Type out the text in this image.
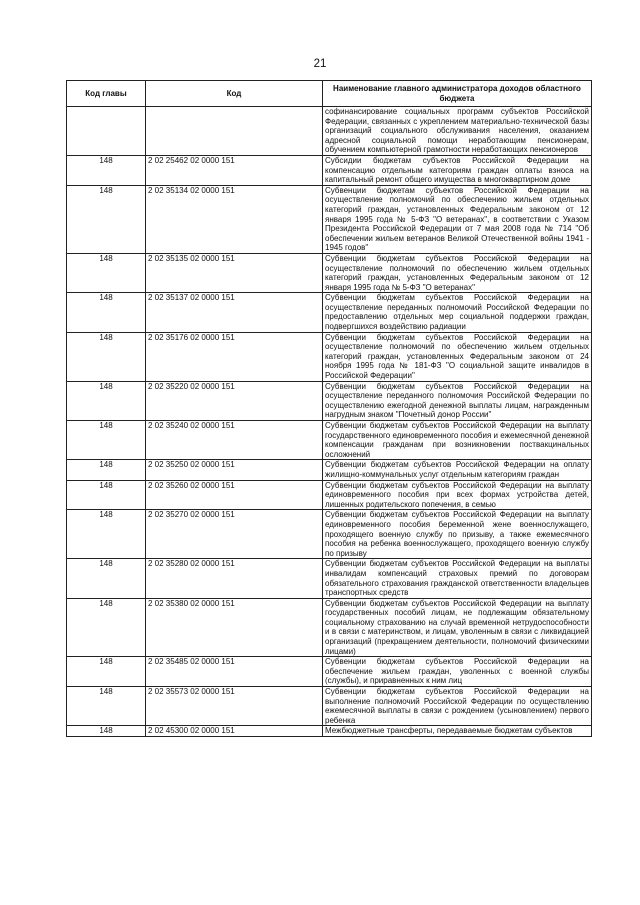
21
Код главы	Код	Наименование главного администратора доходов областного бюджета
		софинансирование социальных программ субъектов Российской Федерации, связанных с укреплением материально-технической базы организаций социального обслуживания населения, оказанием адресной социальной помощи неработающим пенсионерам, обучением компьютерной грамотности неработающих пенсионеров
148	2 02 25462 02 0000 151	Субсидии бюджетам субъектов Российской Федерации на компенсацию отдельным категориям граждан оплаты взноса на капитальный ремонт общего имущества в многоквартирном доме
148	2 02 35134 02 0000 151	Субвенции бюджетам субъектов Российской Федерации на осуществление полномочий по обеспечению жильем отдельных категорий граждан, установленных Федеральным законом от 12 января 1995 года № 5-ФЗ "О ветеранах", в соответствии с Указом Президента Российской Федерации от 7 мая 2008 года № 714 "Об обеспечении жильем ветеранов Великой Отечественной войны 1941 - 1945 годов"
148	2 02 35135 02 0000 151	Субвенции бюджетам субъектов Российской Федерации на осуществление полномочий по обеспечению жильем отдельных категорий граждан, установленных Федеральным законом от 12 января 1995 года № 5-ФЗ "О ветеранах"
148	2 02 35137 02 0000 151	Субвенции бюджетам субъектов Российской Федерации на осуществление переданных полномочий Российской Федерации по предоставлению отдельных мер социальной поддержки граждан, подвергшихся воздействию радиации
148	2 02 35176 02 0000 151	Субвенции бюджетам субъектов Российской Федерации на осуществление полномочий по обеспечению жильем отдельных категорий граждан, установленных Федеральным законом от 24 ноября 1995 года № 181-ФЗ "О социальной защите инвалидов в Российской Федерации"
148	2 02 35220 02 0000 151	Субвенции бюджетам субъектов Российской Федерации на осуществление переданного полномочия Российской Федерации по осуществлению ежегодной денежной выплаты лицам, награжденным нагрудным знаком "Почетный донор России"
148	2 02 35240 02 0000 151	Субвенции бюджетам субъектов Российской Федерации на выплату государственного единовременного пособия и ежемесячной денежной компенсации гражданам при возникновении поствакцинальных осложнений
148	2 02 35250 02 0000 151	Субвенции бюджетам субъектов Российской Федерации на оплату жилищно-коммунальных услуг отдельным категориям граждан
148	2 02 35260 02 0000 151	Субвенции бюджетам субъектов Российской Федерации на выплату единовременного пособия при всех формах устройства детей, лишенных родительского попечения, в семью
148	2 02 35270 02 0000 151	Субвенции бюджетам субъектов Российской Федерации на выплату единовременного пособия беременной жене военнослужащего, проходящего военную службу по призыву, а также ежемесячного пособия на ребенка военнослужащего, проходящего военную службу по призыву
148	2 02 35280 02 0000 151	Субвенции бюджетам субъектов Российской Федерации на выплаты инвалидам компенсаций страховых премий по договорам обязательного страхования гражданской ответственности владельцев транспортных средств
148	2 02 35380 02 0000 151	Субвенции бюджетам субъектов Российской Федерации на выплату государственных пособий лицам, не подлежащим обязательному социальному страхованию на случай временной нетрудоспособности и в связи с материнством, и лицам, уволенным в связи с ликвидацией организаций (прекращением деятельности, полномочий физическими лицами)
148	2 02 35485 02 0000 151	Субвенции бюджетам субъектов Российской Федерации на обеспечение жильем граждан, уволенных с военной службы (службы), и приравненных к ним лиц
148	2 02 35573 02 0000 151	Субвенции бюджетам субъектов Российской Федерации на выполнение полномочий Российской Федерации по осуществлению ежемесячной выплаты в связи с рождением (усыновлением) первого ребенка
148	2 02 45300 02 0000 151	Межбюджетные трансферты, передаваемые бюджетам субъектов
